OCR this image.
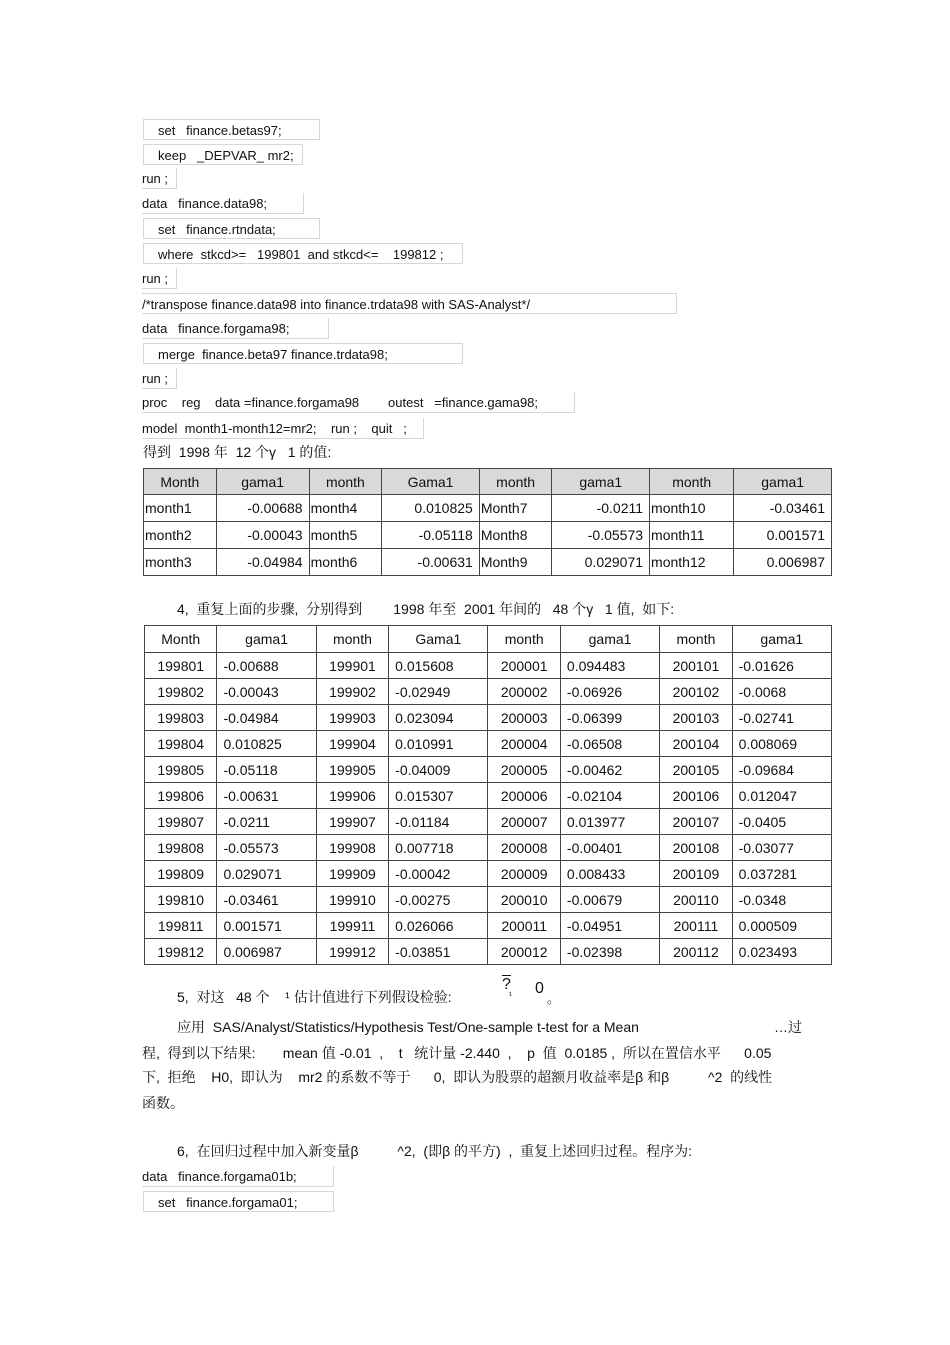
set   finance.betas97;
keep   _DEPVAR_ mr2;
run ;
data   finance.data98;
set   finance.rtndata;
where  stkcd>=   199801  and stkcd<=    199812 ;
run ;
/*transpose finance.data98 into finance.trdata98 with SAS-Analyst*/
data   finance.forgama98;
merge  finance.beta97 finance.trdata98;
run ;
proc    reg    data =finance.forgama98        outest   =finance.gama98;
model  month1-month12=mr2;    run ;    quit   ;
得到  1998 年  12 个γ   1 的值:
Month	gama1	month	Gama1	month	gama1	month	gama1
month1	-0.00688	month4	0.010825	Month7	-0.0211	month10	-0.03461
month2	-0.00043	month5	-0.05118	Month8	-0.05573	month11	0.001571
month3	-0.04984	month6	-0.00631	Month9	0.029071	month12	0.006987
4,  重复上面的步骤,  分别得到        1998 年至  2001 年间的   48 个γ   1 值,  如下:
Month	gama1	month	Gama1	month	gama1	month	gama1
199801	-0.00688	199901	0.015608	200001	0.094483	200101	-0.01626
199802	-0.00043	199902	-0.02949	200002	-0.06926	200102	-0.0068
199803	-0.04984	199903	0.023094	200003	-0.06399	200103	-0.02741
199804	0.010825	199904	0.010991	200004	-0.06508	200104	0.008069
199805	-0.05118	199905	-0.04009	200005	-0.00462	200105	-0.09684
199806	-0.00631	199906	0.015307	200006	-0.02104	200106	0.012047
199807	-0.0211	199907	-0.01184	200007	0.013977	200107	-0.0405
199808	-0.05573	199908	0.007718	200008	-0.00401	200108	-0.03077
199809	0.029071	199909	-0.00042	200009	0.008433	200109	0.037281
199810	-0.03461	199910	-0.00275	200010	-0.00679	200110	-0.0348
199811	0.001571	199911	0.026066	200011	-0.04951	200111	0.000509
199812	0.006987	199912	-0.03851	200012	-0.02398	200112	0.023493
5,  对这   48 个    ¹ 估计值进行下列假设检验:
?
¹ 0
。
应用  SAS/Analyst/Statistics/Hypothesis Test/One-sample t-test for a Mean	…过
程,  得到以下结果:       mean 值 -0.01  ,    t   统计量 -2.440  ,    p  值  0.0185 ,  所以在置信水平      0.05
下,  拒绝    H0,  即认为    mr2 的系数不等于      0,  即认为股票的超额月收益率是β 和β          ^2  的线性
函数。
6,  在回归过程中加入新变量β          ^2,  (即β 的平方)  ,  重复上述回归过程。程序为:
data   finance.forgama01b;
set   finance.forgama01;
